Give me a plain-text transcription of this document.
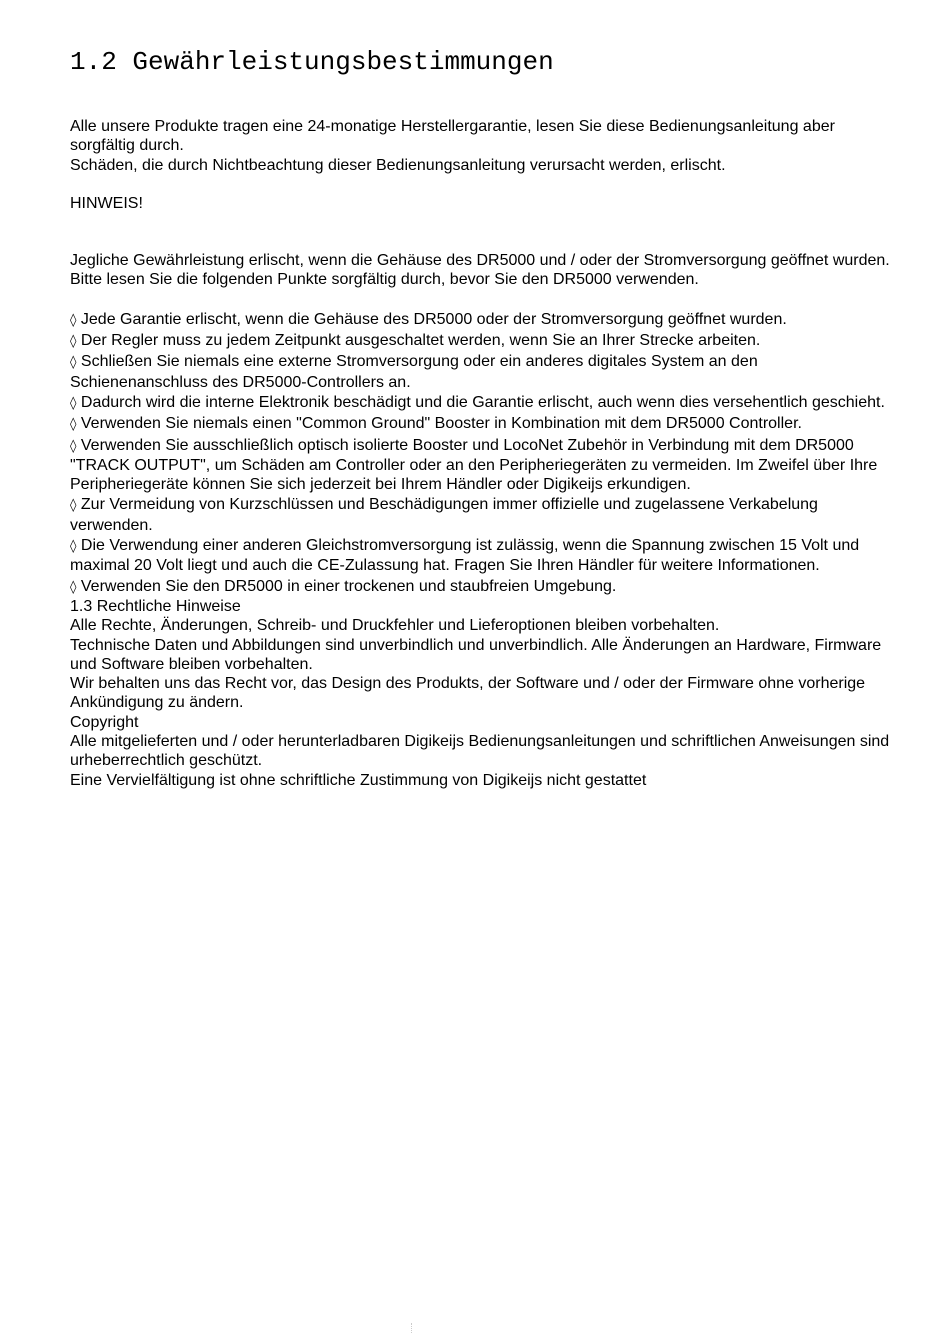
1.2 Gewährleistungsbestimmungen

Alle unsere Produkte tragen eine 24-monatige Herstellergarantie, lesen Sie diese Bedienungsanleitung aber sorgfältig durch.

Schäden, die durch Nichtbeachtung dieser Bedienungsanleitung verursacht werden, erlischt.

HINWEIS!

Jegliche Gewährleistung erlischt, wenn die Gehäuse des DR5000 und / oder der Stromversorgung geöffnet wurden.

Bitte lesen Sie die folgenden Punkte sorgfältig durch, bevor Sie den DR5000 verwenden.

◊ Jede Garantie erlischt, wenn die Gehäuse des DR5000 oder der Stromversorgung geöffnet wurden.

◊ Der Regler muss zu jedem Zeitpunkt ausgeschaltet werden, wenn Sie an Ihrer Strecke arbeiten.

◊ Schließen Sie niemals eine externe Stromversorgung oder ein anderes digitales System an den Schienenanschluss des DR5000-Controllers an.

◊ Dadurch wird die interne Elektronik beschädigt und die Garantie erlischt, auch wenn dies versehentlich geschieht.

◊ Verwenden Sie niemals einen "Common Ground" Booster in Kombination mit dem DR5000 Controller.

◊ Verwenden Sie ausschließlich optisch isolierte Booster und LocoNet Zubehör in Verbindung mit dem DR5000 "TRACK OUTPUT", um Schäden am Controller oder an den Peripheriegeräten zu vermeiden. Im Zweifel über Ihre Peripheriegeräte können Sie sich jederzeit bei Ihrem Händler oder Digikeijs erkundigen.

◊ Zur Vermeidung von Kurzschlüssen und Beschädigungen immer offizielle und zugelassene Verkabelung verwenden.

◊ Die Verwendung einer anderen Gleichstromversorgung ist zulässig, wenn die Spannung zwischen 15 Volt und maximal 20 Volt liegt und auch die CE-Zulassung hat. Fragen Sie Ihren Händler für weitere Informationen.

◊ Verwenden Sie den DR5000 in einer trockenen und staubfreien Umgebung.

1.3 Rechtliche Hinweise

Alle Rechte, Änderungen, Schreib- und Druckfehler und Lieferoptionen bleiben vorbehalten.

Technische Daten und Abbildungen sind unverbindlich und unverbindlich. Alle Änderungen an Hardware, Firmware und Software bleiben vorbehalten.

Wir behalten uns das Recht vor, das Design des Produkts, der Software und / oder der Firmware ohne vorherige Ankündigung zu ändern.

Copyright

Alle mitgelieferten und / oder herunterladbaren Digikeijs Bedienungsanleitungen und schriftlichen Anweisungen sind urheberrechtlich geschützt.

Eine Vervielfältigung ist ohne schriftliche Zustimmung von Digikeijs nicht gestattet
